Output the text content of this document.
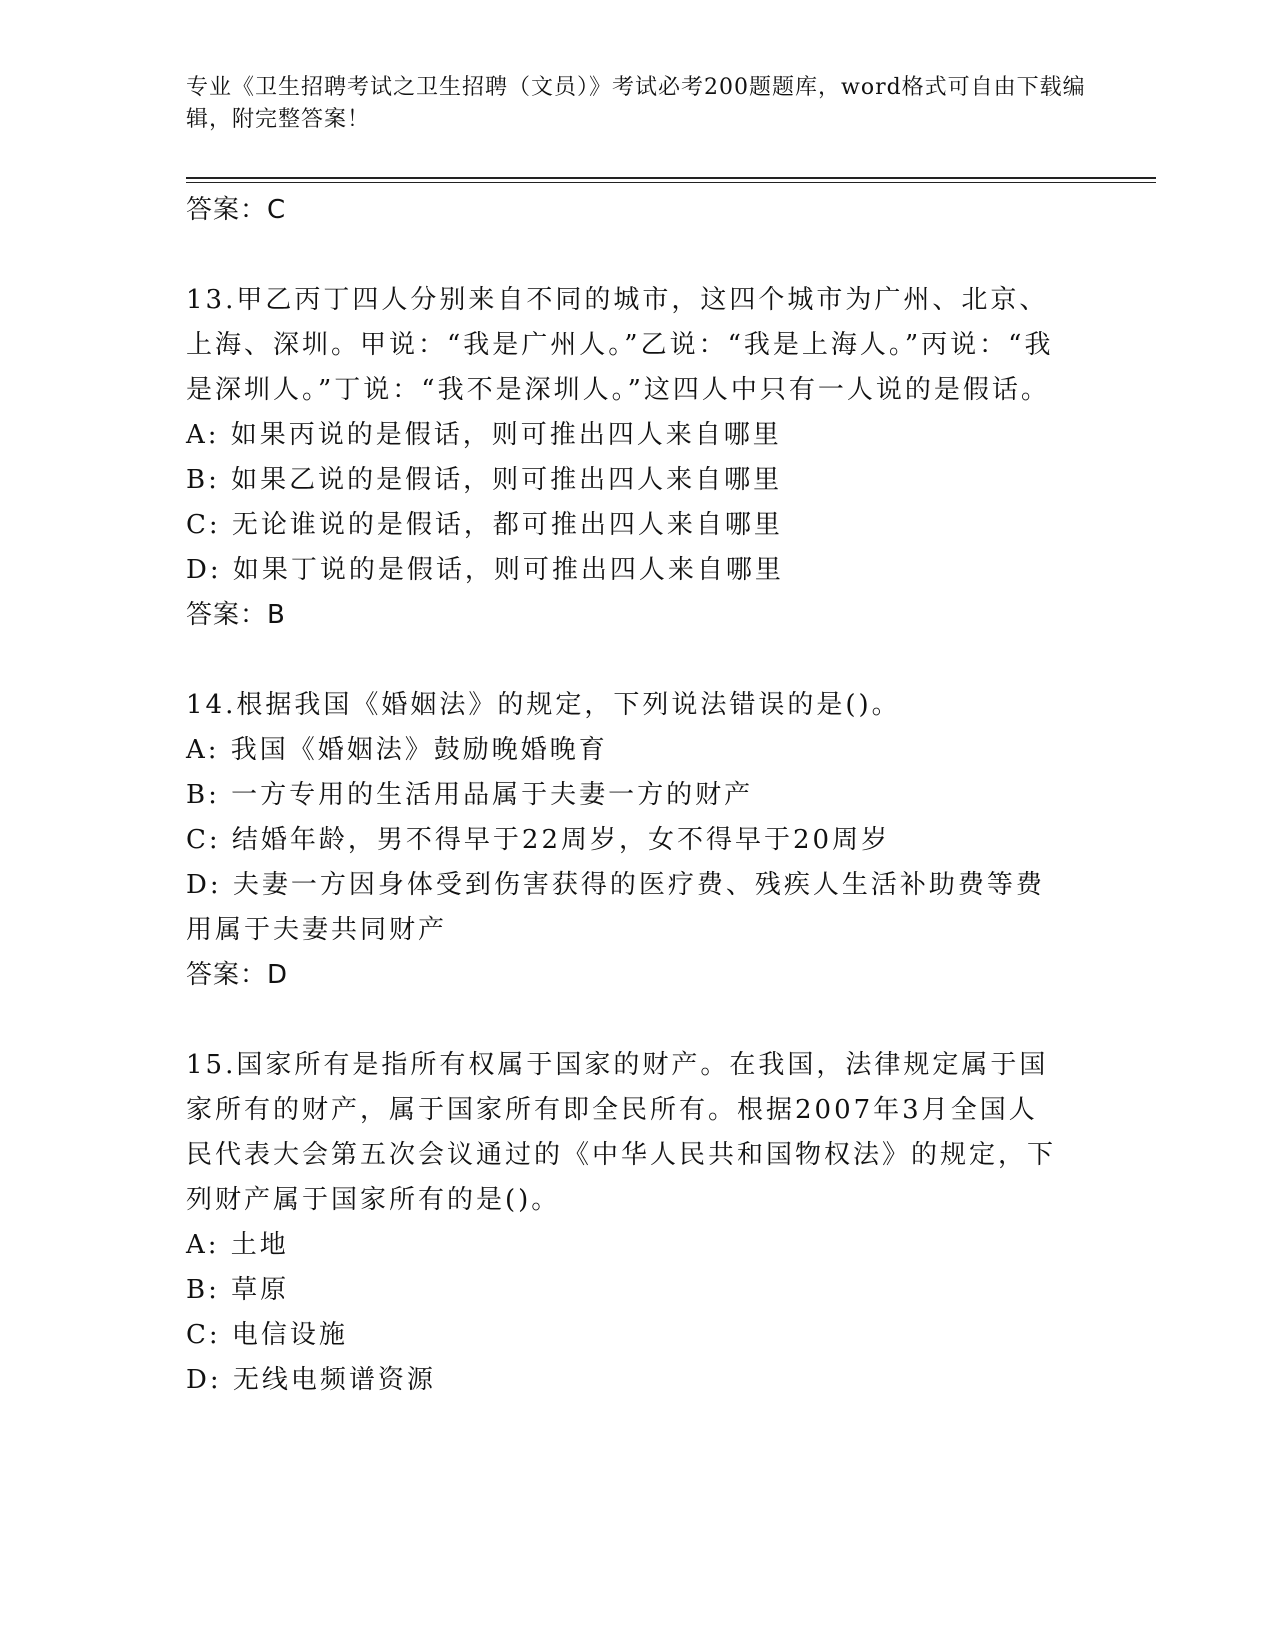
专业《卫生招聘考试之卫生招聘（文员）》考试必考200题题库，word格式可自由下载编辑，附完整答案！

答案：C

13.甲乙丙丁四人分别来自不同的城市，这四个城市为广州、北京、上海、深圳。甲说：“我是广州人。”乙说：“我是上海人。”丙说：“我是深圳人。”丁说：“我不是深圳人。”这四人中只有一人说的是假话。

A: 如果丙说的是假话，则可推出四人来自哪里

B: 如果乙说的是假话，则可推出四人来自哪里

C: 无论谁说的是假话，都可推出四人来自哪里

D: 如果丁说的是假话，则可推出四人来自哪里

答案：B

14.根据我国《婚姻法》的规定，下列说法错误的是()。

A: 我国《婚姻法》鼓励晚婚晚育

B: 一方专用的生活用品属于夫妻一方的财产

C: 结婚年龄，男不得早于22周岁，女不得早于20周岁

D: 夫妻一方因身体受到伤害获得的医疗费、残疾人生活补助费等费用属于夫妻共同财产

答案：D

15.国家所有是指所有权属于国家的财产。在我国，法律规定属于国家所有的财产，属于国家所有即全民所有。根据2007年3月全国人民代表大会第五次会议通过的《中华人民共和国物权法》的规定，下列财产属于国家所有的是()。

A: 土地

B: 草原

C: 电信设施

D: 无线电频谱资源
